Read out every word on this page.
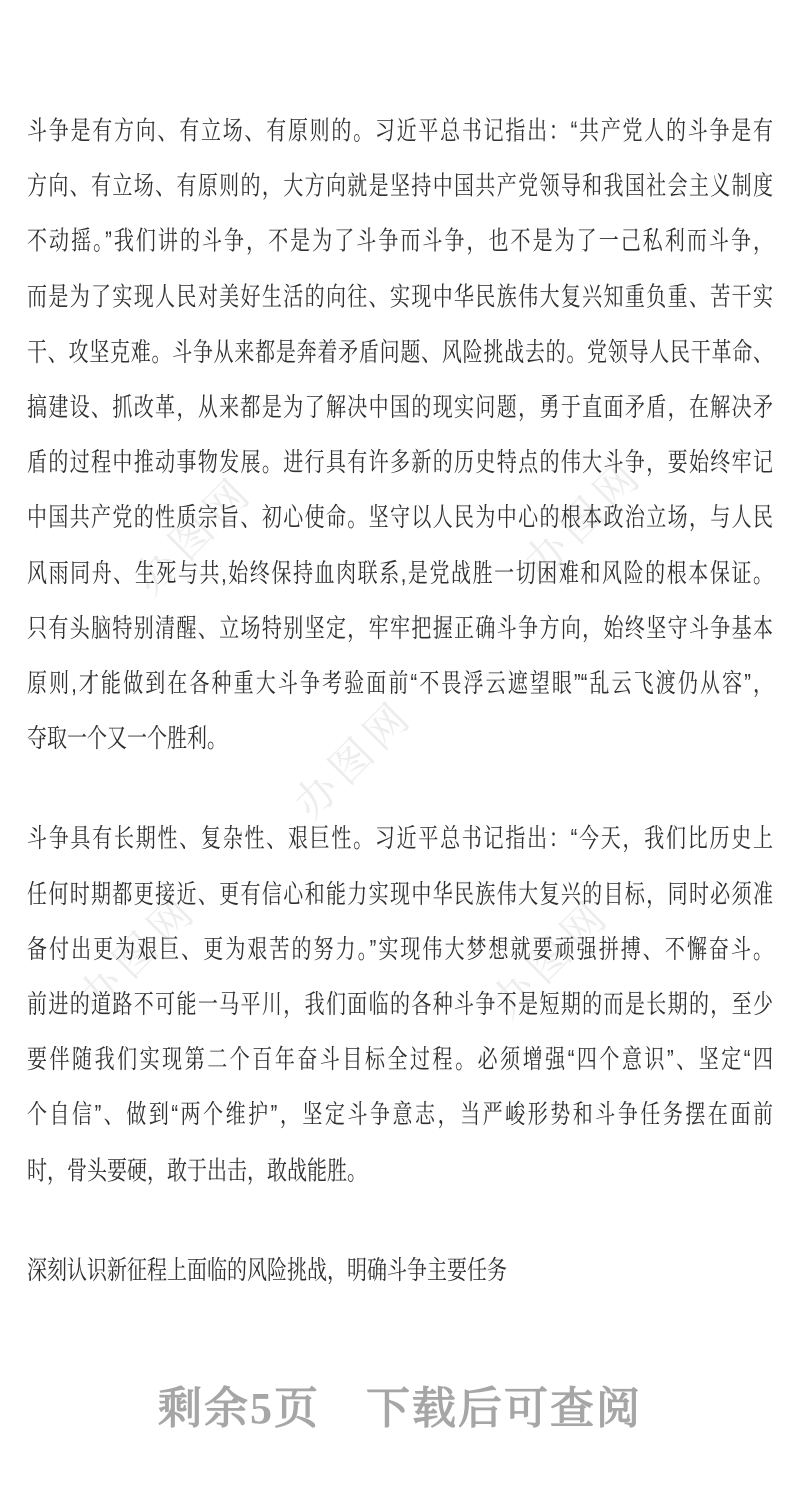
办图网	办图网
办图网
办图网	办图网
斗争是有方向、有立场、有原则的。习近平总书记指出：“共产党人的斗争是有
方向、有立场、有原则的，大方向就是坚持中国共产党领导和我国社会主义制度
不动摇。”我们讲的斗争，不是为了斗争而斗争，也不是为了一己私利而斗争，
而是为了实现人民对美好生活的向往、实现中华民族伟大复兴知重负重、苦干实
干、攻坚克难。斗争从来都是奔着矛盾问题、风险挑战去的。党领导人民干革命、
搞建设、抓改革，从来都是为了解决中国的现实问题，勇于直面矛盾，在解决矛
盾的过程中推动事物发展。进行具有许多新的历史特点的伟大斗争，要始终牢记
中国共产党的性质宗旨、初心使命。坚守以人民为中心的根本政治立场，与人民
风雨同舟、生死与共,始终保持血肉联系,是党战胜一切困难和风险的根本保证。
只有头脑特别清醒、立场特别坚定，牢牢把握正确斗争方向，始终坚守斗争基本
原则,才能做到在各种重大斗争考验面前“不畏浮云遮望眼”“乱云飞渡仍从容”，
夺取一个又一个胜利。
斗争具有长期性、复杂性、艰巨性。习近平总书记指出：“今天，我们比历史上
任何时期都更接近、更有信心和能力实现中华民族伟大复兴的目标，同时必须准
备付出更为艰巨、更为艰苦的努力。”实现伟大梦想就要顽强拼搏、不懈奋斗。
前进的道路不可能一马平川，我们面临的各种斗争不是短期的而是长期的，至少
要伴随我们实现第二个百年奋斗目标全过程。必须增强“四个意识”、坚定“四
个自信”、做到“两个维护”，坚定斗争意志，当严峻形势和斗争任务摆在面前
时，骨头要硬，敢于出击，敢战能胜。
深刻认识新征程上面临的风险挑战，明确斗争主要任务
剩余5页 下载后可查阅
